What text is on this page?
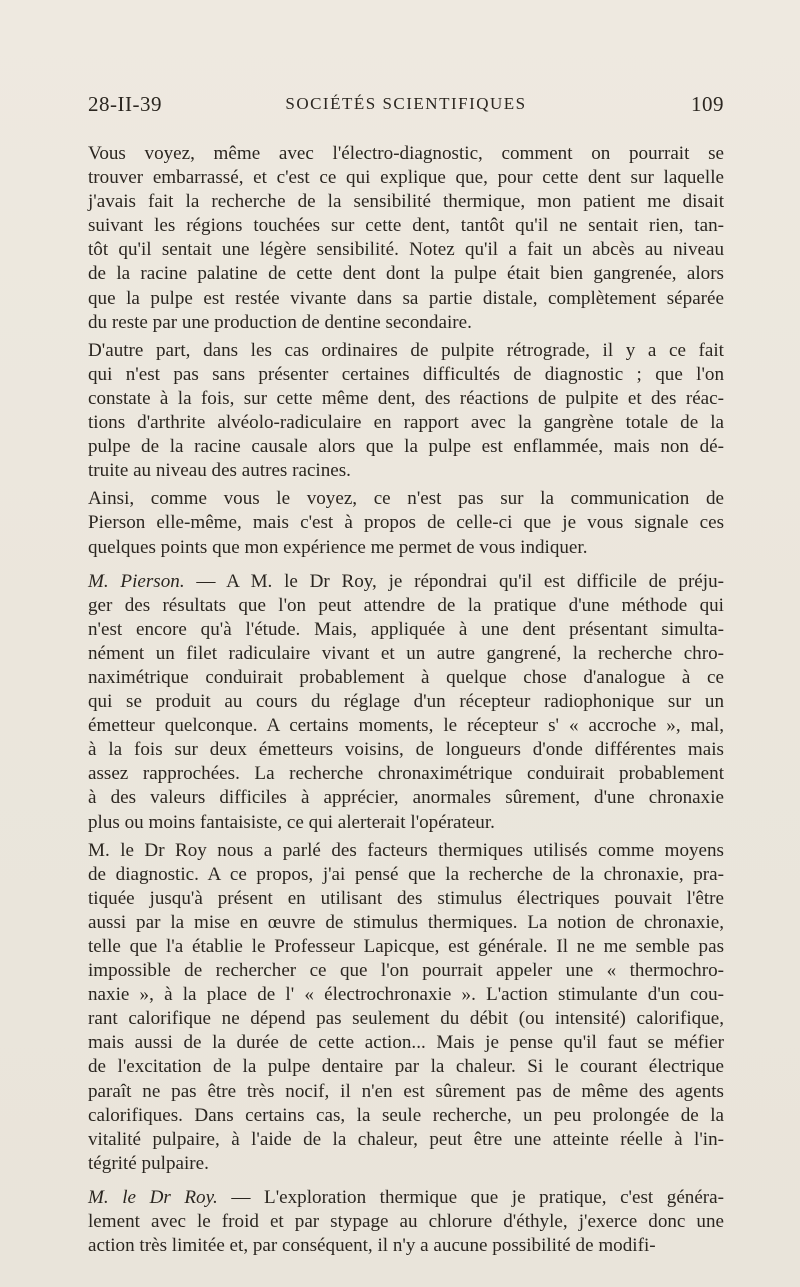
28-II-39	SOCIÉTÉS SCIENTIFIQUES	109

Vous voyez, même avec l'électro-diagnostic, comment on pourrait se
trouver embarrassé, et c'est ce qui explique que, pour cette dent sur laquelle
j'avais fait la recherche de la sensibilité thermique, mon patient me disait
suivant les régions touchées sur cette dent, tantôt qu'il ne sentait rien, tan-
tôt qu'il sentait une légère sensibilité. Notez qu'il a fait un abcès au niveau
de la racine palatine de cette dent dont la pulpe était bien gangrenée, alors
que la pulpe est restée vivante dans sa partie distale, complètement séparée
du reste par une production de dentine secondaire.

D'autre part, dans les cas ordinaires de pulpite rétrograde, il y a ce fait
qui n'est pas sans présenter certaines difficultés de diagnostic ; que l'on
constate à la fois, sur cette même dent, des réactions de pulpite et des réac-
tions d'arthrite alvéolo-radiculaire en rapport avec la gangrène totale de la
pulpe de la racine causale alors que la pulpe est enflammée, mais non dé-
truite au niveau des autres racines.

Ainsi, comme vous le voyez, ce n'est pas sur la communication de
Pierson elle-même, mais c'est à propos de celle-ci que je vous signale ces
quelques points que mon expérience me permet de vous indiquer.

M. Pierson. — A M. le Dr Roy, je répondrai qu'il est difficile de préju-
ger des résultats que l'on peut attendre de la pratique d'une méthode qui
n'est encore qu'à l'étude. Mais, appliquée à une dent présentant simulta-
nément un filet radiculaire vivant et un autre gangrené, la recherche chro-
naximétrique conduirait probablement à quelque chose d'analogue à ce
qui se produit au cours du réglage d'un récepteur radiophonique sur un
émetteur quelconque. A certains moments, le récepteur s' « accroche », mal,
à la fois sur deux émetteurs voisins, de longueurs d'onde différentes mais
assez rapprochées. La recherche chronaximétrique conduirait probablement
à des valeurs difficiles à apprécier, anormales sûrement, d'une chronaxie
plus ou moins fantaisiste, ce qui alerterait l'opérateur.

M. le Dr Roy nous a parlé des facteurs thermiques utilisés comme moyens
de diagnostic. A ce propos, j'ai pensé que la recherche de la chronaxie, pra-
tiquée jusqu'à présent en utilisant des stimulus électriques pouvait l'être
aussi par la mise en œuvre de stimulus thermiques. La notion de chronaxie,
telle que l'a établie le Professeur Lapicque, est générale. Il ne me semble pas
impossible de rechercher ce que l'on pourrait appeler une « thermochro-
naxie », à la place de l' « électrochronaxie ». L'action stimulante d'un cou-
rant calorifique ne dépend pas seulement du débit (ou intensité) calorifique,
mais aussi de la durée de cette action... Mais je pense qu'il faut se méfier
de l'excitation de la pulpe dentaire par la chaleur. Si le courant électrique
paraît ne pas être très nocif, il n'en est sûrement pas de même des agents
calorifiques. Dans certains cas, la seule recherche, un peu prolongée de la
vitalité pulpaire, à l'aide de la chaleur, peut être une atteinte réelle à l'in-
tégrité pulpaire.

M. le Dr Roy. — L'exploration thermique que je pratique, c'est généra-
lement avec le froid et par stypage au chlorure d'éthyle, j'exerce donc une
action très limitée et, par conséquent, il n'y a aucune possibilité de modifi-
